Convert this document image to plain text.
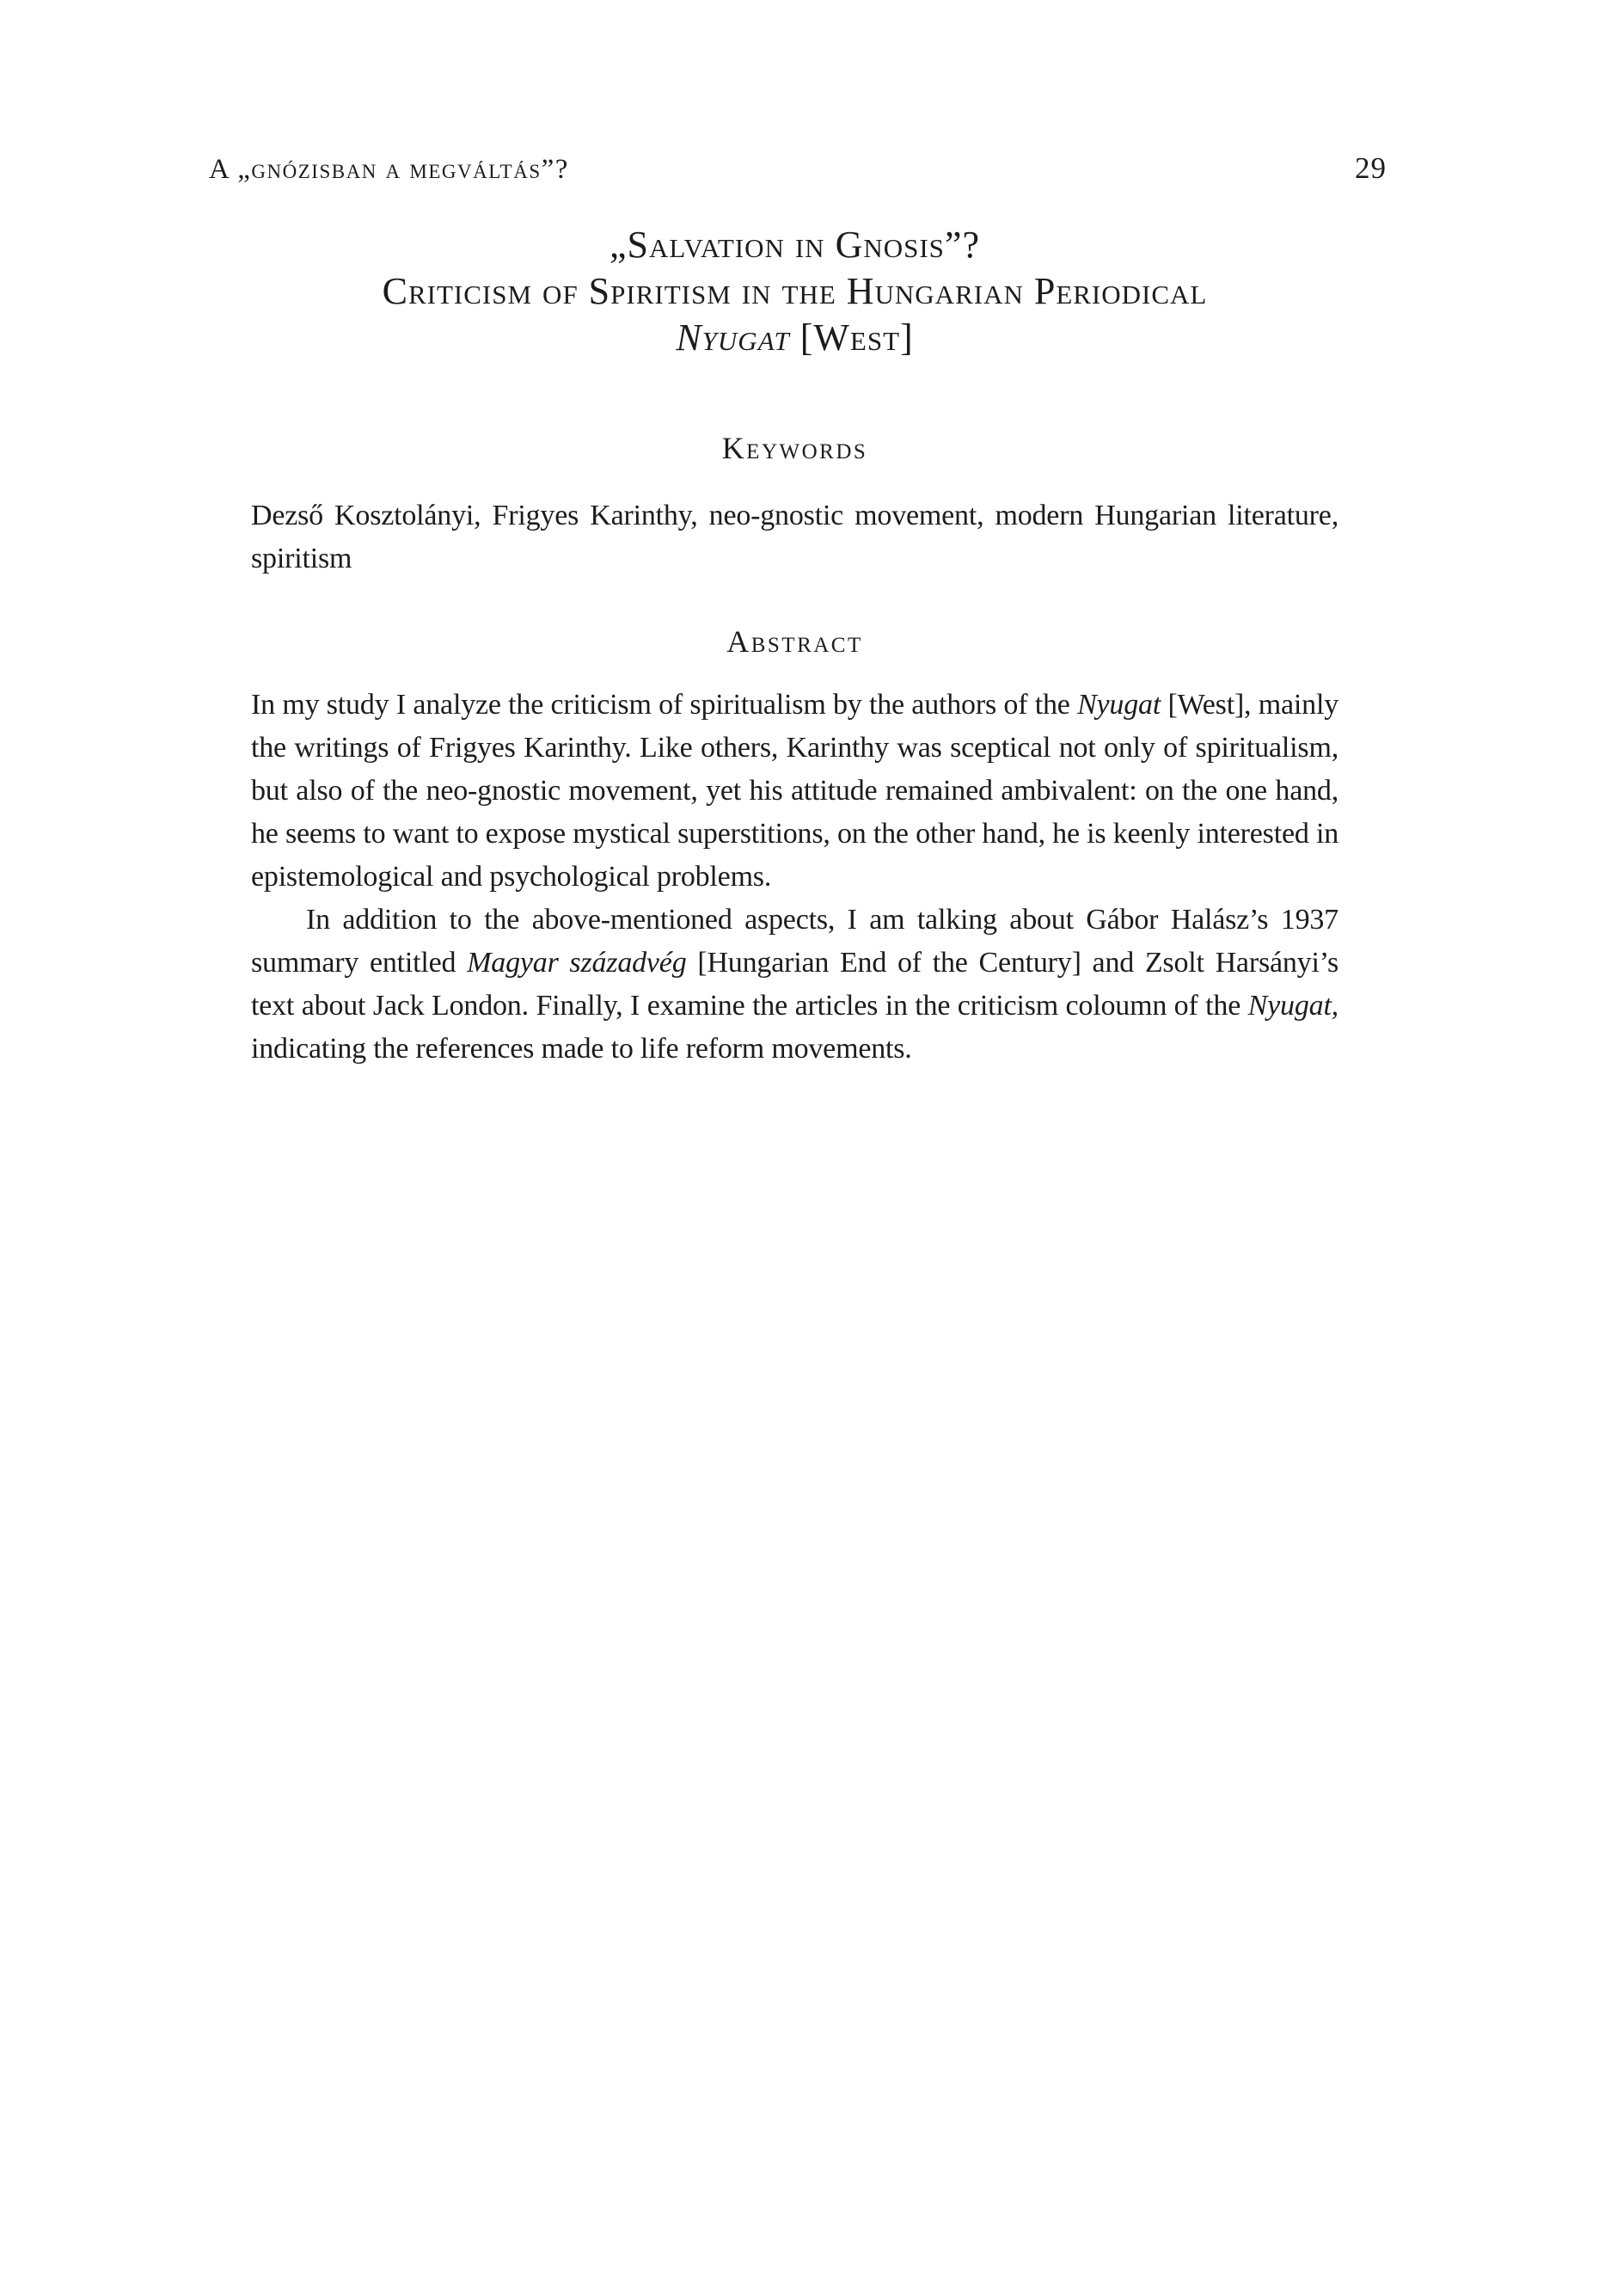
A „gnózisban a megváltás”?	29
„Salvation in Gnosis”?
Criticism of Spiritism in the Hungarian Periodical
Nyugat [West]
Keywords

Dezső Kosztolányi, Frigyes Karinthy, neo-gnostic movement, modern Hungarian literature, spiritism

Abstract

In my study I analyze the criticism of spiritualism by the authors of the Nyugat [West], mainly the writings of Frigyes Karinthy. Like others, Karinthy was sceptical not only of spiritualism, but also of the neo-gnostic movement, yet his attitude remained ambivalent: on the one hand, he seems to want to expose mystical superstitions, on the other hand, he is keenly interested in epistemological and psychological problems.

In addition to the above-mentioned aspects, I am talking about Gábor Halász’s 1937 summary entitled Magyar századvég [Hungarian End of the Century] and Zsolt Harsányi’s text about Jack London. Finally, I examine the articles in the criticism coloumn of the Nyugat, indicating the references made to life reform movements.
